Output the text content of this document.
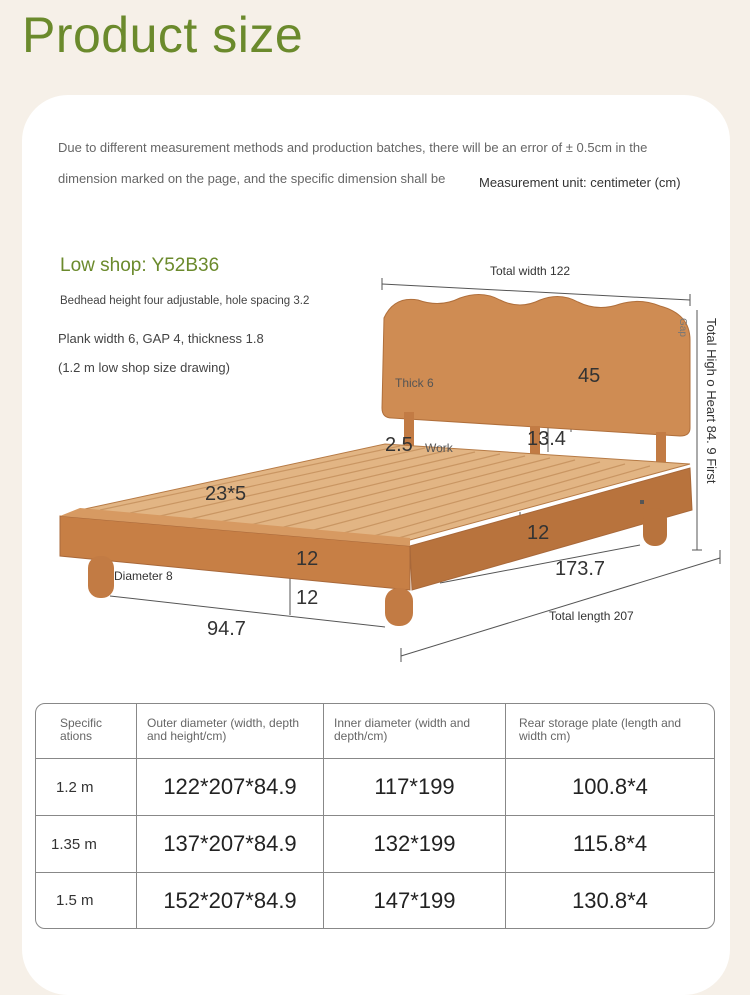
Product size
Due to different measurement methods and production batches, there will be an error of ± 0.5cm in the
dimension marked on the page, and the specific dimension shall be	Measurement unit: centimeter (cm)
Low shop: Y52B36
Bedhead height four adjustable, hole spacing 3.2
Plank width 6, GAP 4, thickness 1.8
(1.2 m low shop size drawing)
Total width 122
Total High o Heart 84. 9 First
Gap
45
Thick 6
13.4
2.5 Work
23*5
12
12
12
173.7
Diameter 8
Total length 207
94.7
Specific ations	Outer diameter (width, depth and height/cm)	Inner diameter (width and depth/cm)	Rear storage plate (length and width cm)

1.2 m	122*207*84.9	117*199	100.8*4
1.35 m	137*207*84.9	132*199	115.8*4
1.5 m	152*207*84.9	147*199	130.8*4
